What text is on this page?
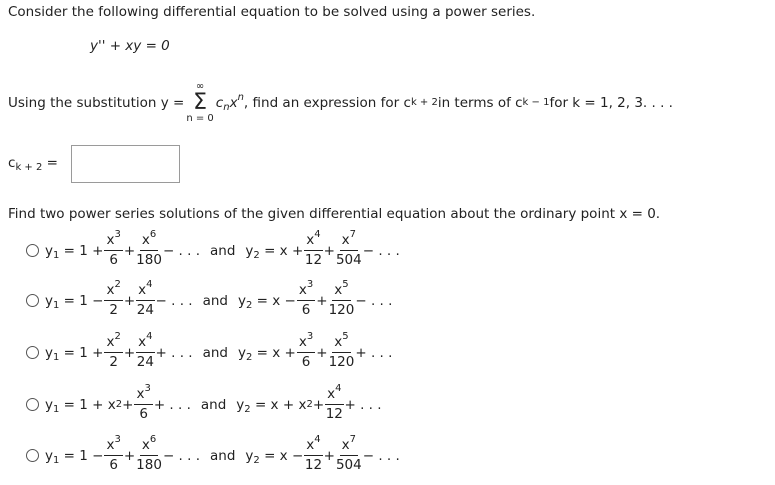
Consider the following differential equation to be solved using a power series.
y'' + xy = 0
Using the substitution y =
∞
Σ
n = 0
$c_nx^n$ , find an expression for c k + 2 in terms of c k − 1 for k = 1, 2, 3. . . .
$c_{k + 2}$ =
Find two power series solutions of the given differential equation about the ordinary point x = 0.
$y_1 = 1 + \frac{x^3}{6} + \frac{x^6}{180}$ − . . . and $y_2 = x + \frac{x^4}{12} + \frac{x^7}{504}$ − . . .
$y_1 = 1 - \frac{x^2}{2} + \frac{x^4}{24}$ − . . . and $y_2 = x - \frac{x^3}{6} + \frac{x^5}{120}$ − . . .
$y_1 = 1 + \frac{x^2}{2} + \frac{x^4}{24}$ + . . . and $y_2 = x + \frac{x^3}{6} + \frac{x^5}{120}$ + . . .
$y_1 = 1 + x$ $2 + \frac{x^3}{6}$ + . . . and $y_2 = x + x$ $2 + \frac{x^4}{12}$ + . . .
$y_1 = 1 - \frac{x^3}{6} + \frac{x^6}{180}$ − . . . and $y_2 = x - \frac{x^4}{12} + \frac{x^7}{504}$ − . . .
